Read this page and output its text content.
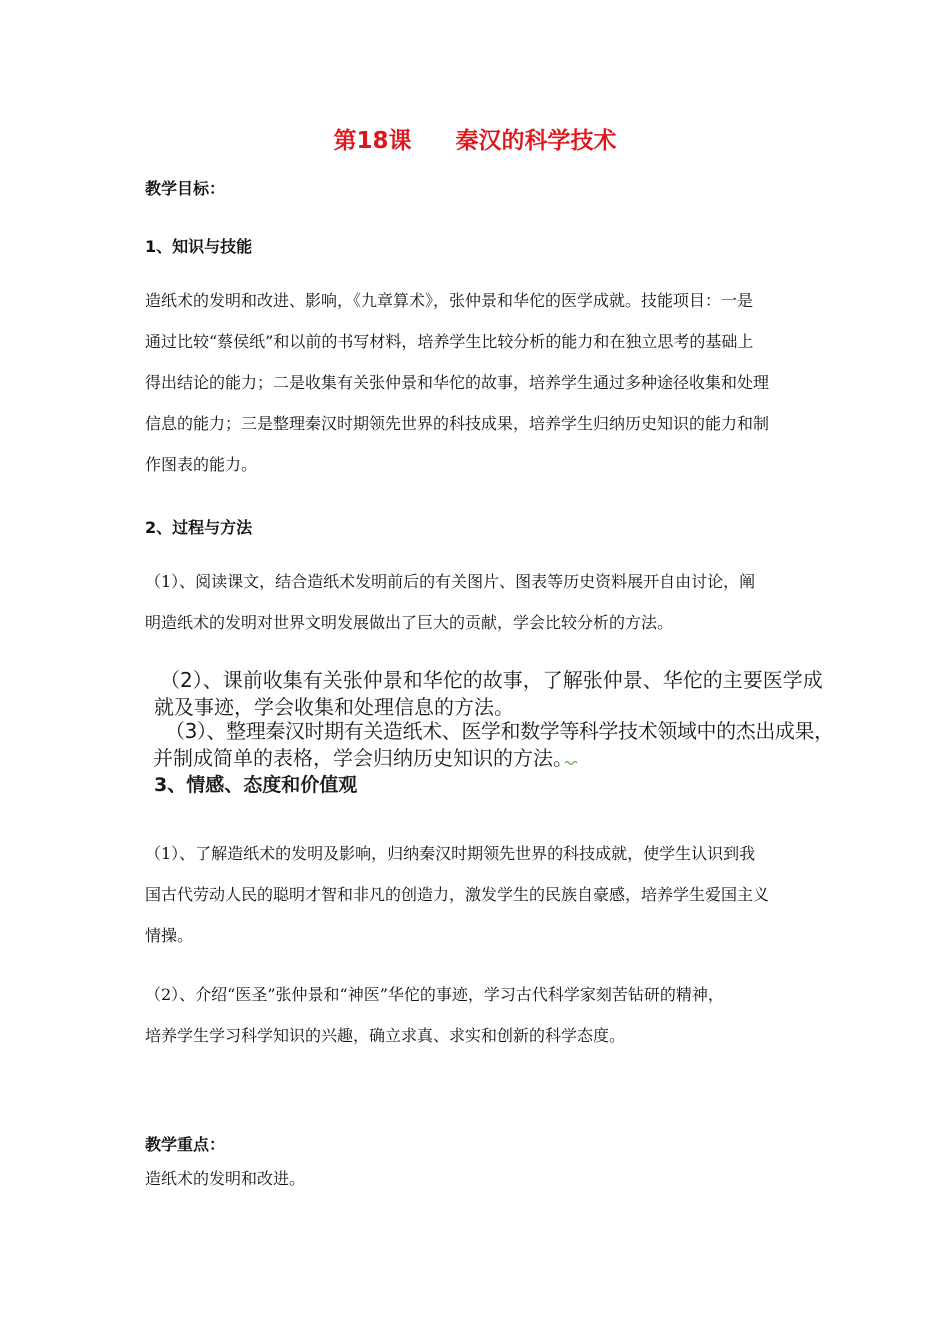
第18课 秦汉的科学技术
教学目标：
1、知识与技能
造纸术的发明和改进、影响，《九章算术》，张仲景和华佗的医学成就。技能项目：一是
通过比较“蔡侯纸”和以前的书写材料，培养学生比较分析的能力和在独立思考的基础上
得出结论的能力；二是收集有关张仲景和华佗的故事，培养学生通过多种途径收集和处理
信息的能力；三是整理秦汉时期领先世界的科技成果，培养学生归纳历史知识的能力和制
作图表的能力。
2、过程与方法
（1）、阅读课文，结合造纸术发明前后的有关图片、图表等历史资料展开自由讨论，阐
明造纸术的发明对世界文明发展做出了巨大的贡献，学会比较分析的方法。
（2）、课前收集有关张仲景和华佗的故事，了解张仲景、华佗的主要医学成
就及事迹，学会收集和处理信息的方法。
（3）、整理秦汉时期有关造纸术、医学和数学等科学技术领域中的杰出成果，
并制成简单的表格，学会归纳历史知识的方法。
3、情感、态度和价值观
（1）、了解造纸术的发明及影响，归纳秦汉时期领先世界的科技成就，使学生认识到我
国古代劳动人民的聪明才智和非凡的创造力，激发学生的民族自豪感，培养学生爱国主义
情操。
（2）、介绍“医圣”张仲景和“神医”华佗的事迹，学习古代科学家刻苦钻研的精神，
培养学生学习科学知识的兴趣，确立求真、求实和创新的科学态度。
教学重点：
造纸术的发明和改进。
